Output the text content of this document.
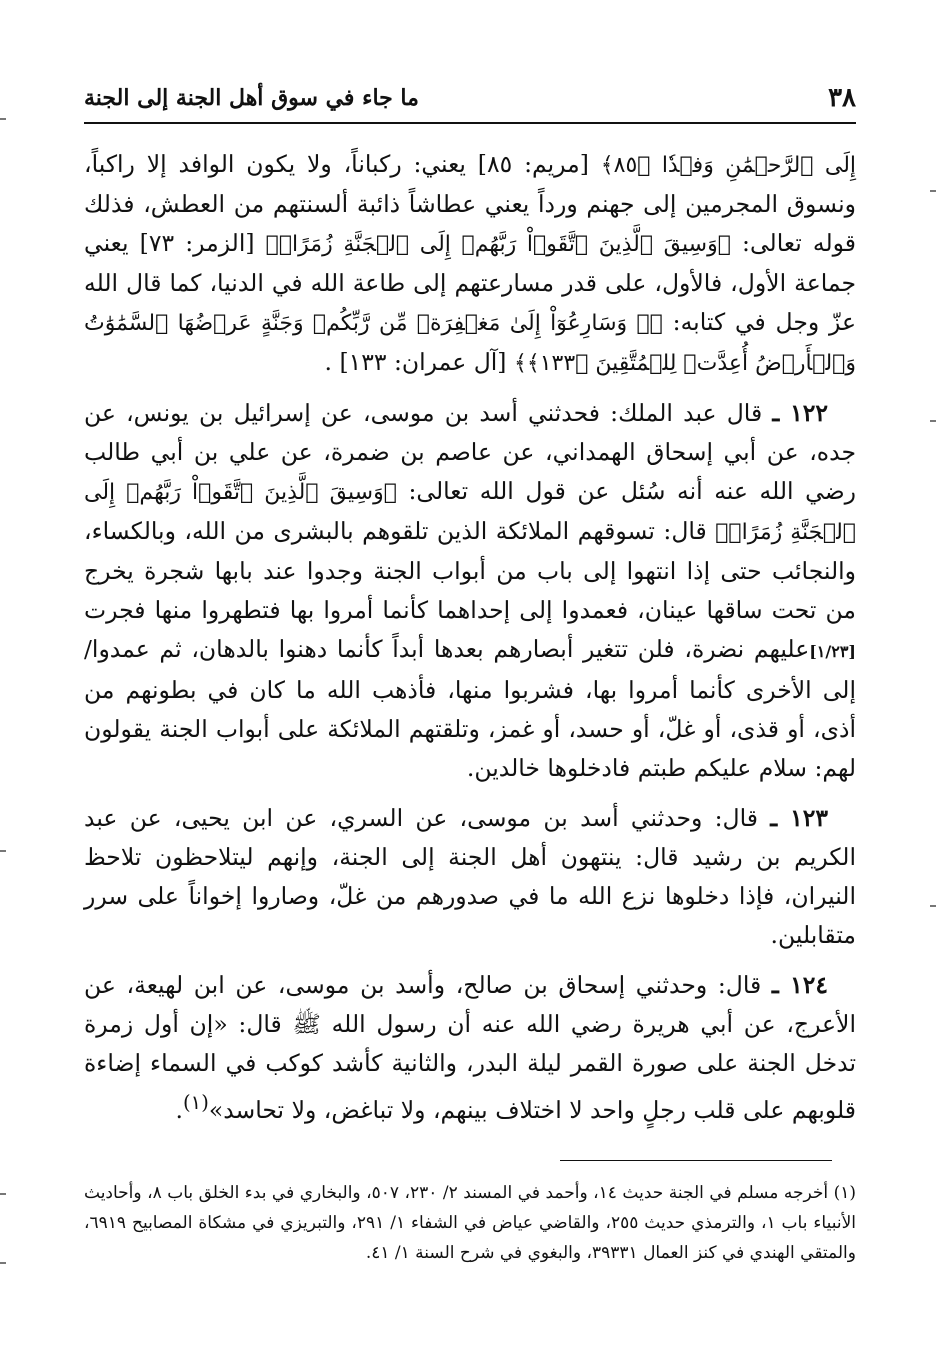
٣٨
ما جاء في سوق أهل الجنة إلى الجنة

إِلَى ٱلرَّحۡمَٰنِ وَفۡدٗا ﴿٨٥﴾ [مريم: ٨٥] يعني: ركباناً، ولا يكون الوافد إلا راكباً، ونسوق المجرمين إلى جهنم ورداً يعني عطاشاً ذائبة ألسنتهم من العطش، فذلك قوله تعالى: ﴿وَسِيقَ ٱلَّذِينَ ٱتَّقَوۡاْ رَبَّهُمۡ إِلَى ٱلۡجَنَّةِ زُمَرًاۖ﴾ [الزمر: ٧٣] يعني جماعة الأول، فالأول، على قدر مسارعتهم إلى طاعة الله في الدنيا، كما قال الله عزّ وجل في كتابه: ﴿۞ وَسَارِعُوٓاْ إِلَىٰ مَغۡفِرَةٖ مِّن رَّبِّكُمۡ وَجَنَّةٍ عَرۡضُهَا ٱلسَّمَٰوَٰتُ وَٱلۡأَرۡضُ أُعِدَّتۡ لِلۡمُتَّقِينَ ﴿١٣٣﴾﴾ [آل عمران: ١٣٣] .

١٢٢ ـ قال عبد الملك: فحدثني أسد بن موسى، عن إسرائيل بن يونس، عن جده، عن أبي إسحاق الهمداني، عن عاصم بن ضمرة، عن علي بن أبي طالب رضي الله عنه أنه سُئل عن قول الله تعالى: ﴿وَسِيقَ ٱلَّذِينَ ٱتَّقَوۡاْ رَبَّهُمۡ إِلَى ٱلۡجَنَّةِ زُمَرًاۖ﴾ قال: تسوقهم الملائكة الذين تلقوهم بالبشرى من الله، وبالكساء، والنجائب حتى إذا انتهوا إلى باب من أبواب الجنة وجدوا عند بابها شجرة يخرج من تحت ساقها عينان، فعمدوا إلى إحداهما كأنما أمروا بها فتطهروا منها فجرت [١/٢٣]عليهم نضرة، فلن تتغير أبصارهم بعدها أبداً كأنما دهنوا بالدهان، ثم عمدوا/ إلى الأخرى كأنما أمروا بها، فشربوا منها، فأذهب الله ما كان في بطونهم من أذى، أو قذى، أو غلّ، أو حسد، أو غمز، وتلقتهم الملائكة على أبواب الجنة يقولون لهم: سلام عليكم طبتم فادخلوها خالدين.

١٢٣ ـ قال: وحدثني أسد بن موسى، عن السري، عن ابن يحيى، عن عبد الكريم بن رشيد قال: ينتهون أهل الجنة إلى الجنة، وإنهم ليتلاحظون تلاحظ النيران، فإذا دخلوها نزع الله ما في صدورهم من غلّ، وصاروا إخواناً على سرر متقابلين.

١٢٤ ـ قال: وحدثني إسحاق بن صالح، وأسد بن موسى، عن ابن لهيعة، عن الأعرج، عن أبي هريرة رضي الله عنه أن رسول الله ﷺ قال: «إن أول زمرة تدخل الجنة على صورة القمر ليلة البدر، والثانية كأشد كوكب في السماء إضاءة قلوبهم على قلب رجلٍ واحد لا اختلاف بينهم، ولا تباغض، ولا تحاسد»$^{(١)}$.

(١) أخرجه مسلم في الجنة حديث ١٤، وأحمد في المسند ٢/ ٢٣٠، ٥٠٧، والبخاري في بدء الخلق باب ٨، وأحاديث الأنبياء باب ١، والترمذي حديث ٢٥٥، والقاضي عياض في الشفاء ١/ ٢٩١، والتبريزي في مشكاة المصابيح ٦٩١٩، والمتقي الهندي في كنز العمال ٣٩٣٣١، والبغوي في شرح السنة ١/ ٤١.
